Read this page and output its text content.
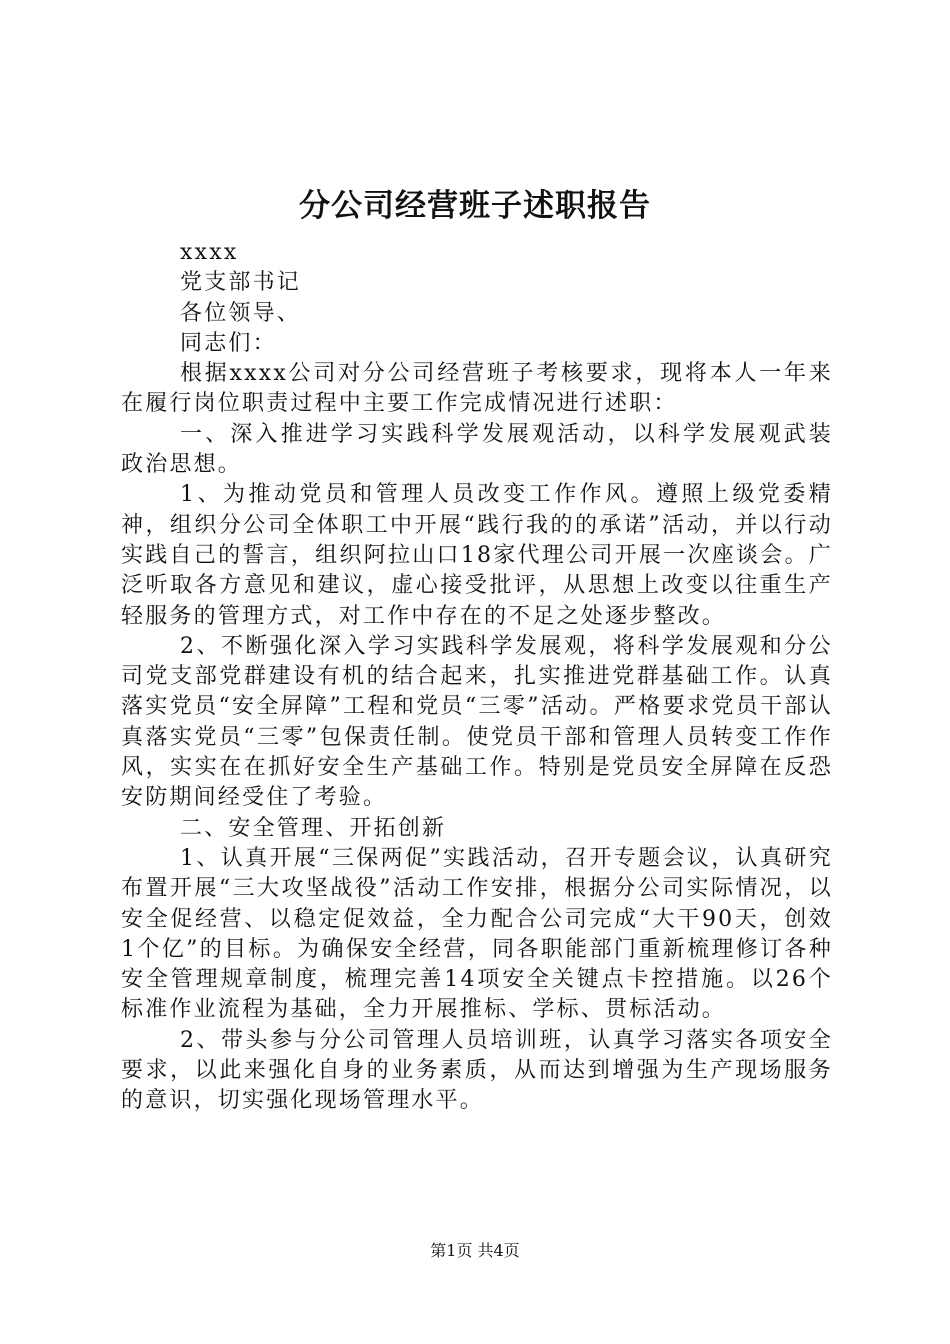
分公司经营班子述职报告

xxxx

党支部书记

各位领导、

同志们：

根据xxxx公司对分公司经营班子考核要求，现将本人一年来在履行岗位职责过程中主要工作完成情况进行述职：

一、深入推进学习实践科学发展观活动，以科学发展观武装政治思想。

1、为推动党员和管理人员改变工作作风。遵照上级党委精神，组织分公司全体职工中开展“践行我的的承诺”活动，并以行动实践自己的誓言，组织阿拉山口18家代理公司开展一次座谈会。广泛听取各方意见和建议，虚心接受批评，从思想上改变以往重生产轻服务的管理方式，对工作中存在的不足之处逐步整改。

2、不断强化深入学习实践科学发展观，将科学发展观和分公司党支部党群建设有机的结合起来，扎实推进党群基础工作。认真落实党员“安全屏障”工程和党员“三零”活动。严格要求党员干部认真落实党员“三零”包保责任制。使党员干部和管理人员转变工作作风，实实在在抓好安全生产基础工作。特别是党员安全屏障在反恐安防期间经受住了考验。

二、安全管理、开拓创新

1、认真开展“三保两促”实践活动，召开专题会议，认真研究布置开展“三大攻坚战役”活动工作安排，根据分公司实际情况，以安全促经营、以稳定促效益，全力配合公司完成“大干90天，创效1个亿”的目标。为确保安全经营，同各职能部门重新梳理修订各种安全管理规章制度，梳理完善14项安全关键点卡控措施。以26个标准作业流程为基础，全力开展推标、学标、贯标活动。

2、带头参与分公司管理人员培训班，认真学习落实各项安全要求，以此来强化自身的业务素质，从而达到增强为生产现场服务的意识，切实强化现场管理水平。

第1页 共4页
